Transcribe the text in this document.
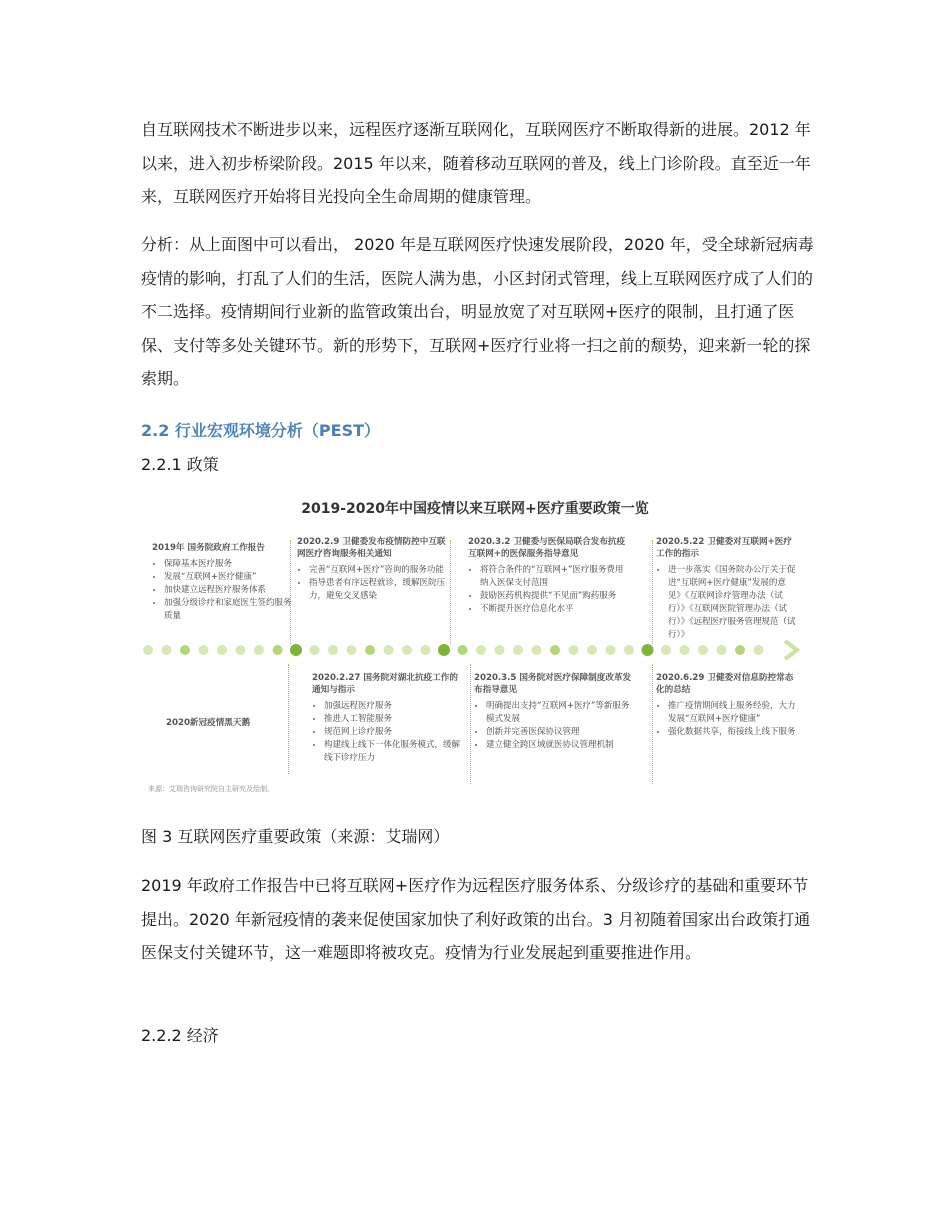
自互联网技术不断进步以来，远程医疗逐渐互联网化，互联网医疗不断取得新的进展。2012 年以来，进入初步桥梁阶段。2015 年以来，随着移动互联网的普及，线上门诊阶段。直至近一年来，互联网医疗开始将目光投向全生命周期的健康管理。

分析：从上面图中可以看出， 2020 年是互联网医疗快速发展阶段，2020 年，受全球新冠病毒疫情的影响，打乱了人们的生活，医院人满为患，小区封闭式管理，线上互联网医疗成了人们的不二选择。疫情期间行业新的监管政策出台，明显放宽了对互联网+医疗的限制，且打通了医保、支付等多处关键环节。新的形势下，互联网+医疗行业将一扫之前的颓势，迎来新一轮的探索期。

2.2 行业宏观环境分析（PEST）

2.2.1 政策

2019-2020年中国疫情以来互联网+医疗重要政策一览
2019年 国务院政府工作报告
• 保障基本医疗服务
• 发展“互联网+医疗健康”
• 加快建立远程医疗服务体系
• 加强分级诊疗和家庭医生签约服务质量
2020.2.9 卫健委发布疫情防控中互联网医疗咨询服务相关通知
• 完善“互联网+医疗”咨询的服务功能
• 指导患者有序远程就诊，缓解医院压力，避免交叉感染
2020.3.2 卫健委与医保局联合发布抗疫互联网+的医保服务指导意见
• 将符合条件的“互联网+”医疗服务费用纳入医保支付范围
• 鼓励医药机构提供“不见面”购药服务
• 不断提升医疗信息化水平
2020.5.22 卫健委对互联网+医疗工作的指示
• 进一步落实《国务院办公厅关于促进“互联网+医疗健康”发展的意见》《互联网诊疗管理办法（试行）》《互联网医院管理办法（试行）》《远程医疗服务管理规范（试行）》
2020新冠疫情黑天鹅
2020.2.27 国务院对湖北抗疫工作的通知与指示
• 加强远程医疗服务
• 推进人工智能服务
• 规范网上诊疗服务
• 构建线上线下一体化服务模式，缓解线下诊疗压力
2020.3.5 国务院对医疗保障制度改革发布指导意见
• 明确提出支持“互联网+医疗”等新服务模式发展
• 创新并完善医保协议管理
• 建立健全跨区域就医协议管理机制
2020.6.29 卫健委对信息防控常态化的总结
• 推广疫情期间线上服务经验，大力发展“互联网+医疗健康”
• 强化数据共享，衔接线上线下服务
来源：艾瑞咨询研究院自主研究及绘制。

图 3 互联网医疗重要政策（来源：艾瑞网）

2019 年政府工作报告中已将互联网+医疗作为远程医疗服务体系、分级诊疗的基础和重要环节提出。2020 年新冠疫情的袭来促使国家加快了利好政策的出台。3 月初随着国家出台政策打通医保支付关键环节，这一难题即将被攻克。疫情为行业发展起到重要推进作用。

2.2.2 经济
